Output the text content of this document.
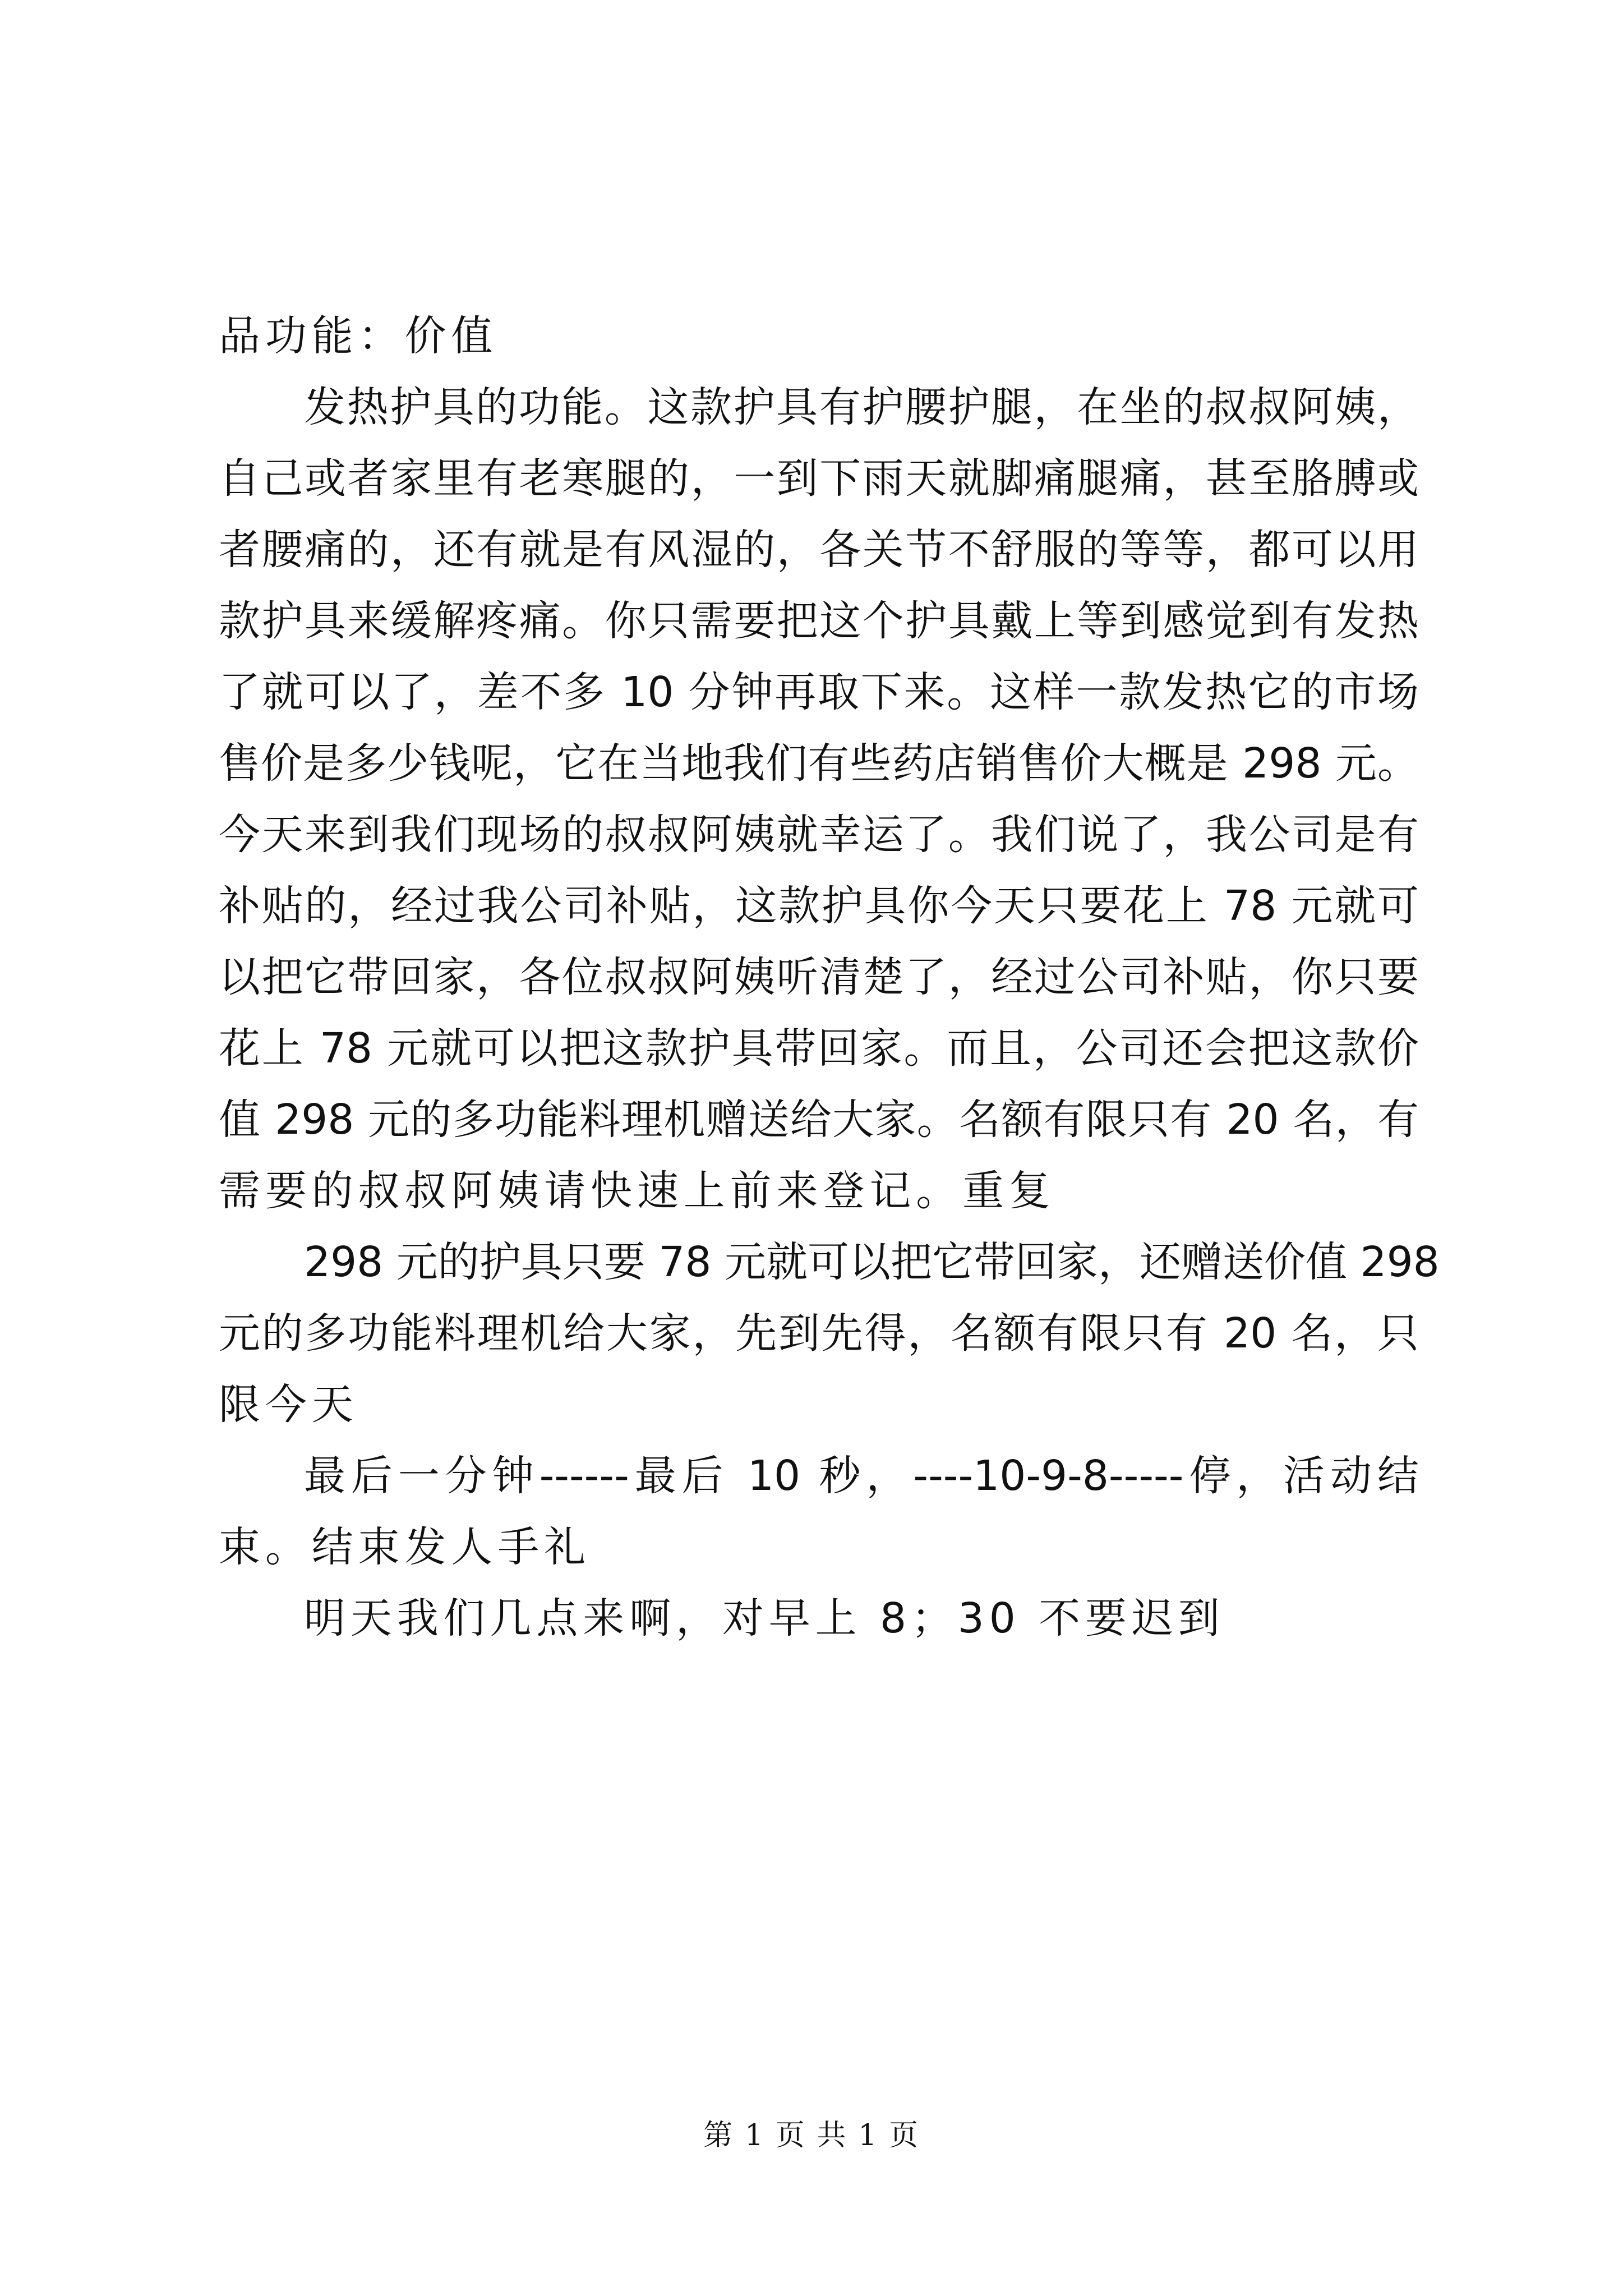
品功能：价值
发热护具的功能。这款护具有护腰护腿，在坐的叔叔阿姨，
自己或者家里有老寒腿的，一到下雨天就脚痛腿痛，甚至胳膊或
者腰痛的，还有就是有风湿的，各关节不舒服的等等，都可以用
款护具来缓解疼痛。你只需要把这个护具戴上等到感觉到有发热
了就可以了，差不多 10 分钟再取下来。这样一款发热它的市场
售价是多少钱呢，它在当地我们有些药店销售价大概是 298 元。
今天来到我们现场的叔叔阿姨就幸运了。我们说了，我公司是有
补贴的，经过我公司补贴，这款护具你今天只要花上 78 元就可
以把它带回家，各位叔叔阿姨听清楚了，经过公司补贴，你只要
花上 78 元就可以把这款护具带回家。而且，公司还会把这款价
值 298 元的多功能料理机赠送给大家。名额有限只有 20 名，有
需要的叔叔阿姨请快速上前来登记。重复
298 元的护具只要 78 元就可以把它带回家，还赠送价值 298
元的多功能料理机给大家，先到先得，名额有限只有 20 名，只
限今天
最后一分钟------最后 10 秒，----10-9-8-----停，活动结
束。结束发人手礼
明天我们几点来啊，对早上 8；30 不要迟到
第 1 页 共 1 页
